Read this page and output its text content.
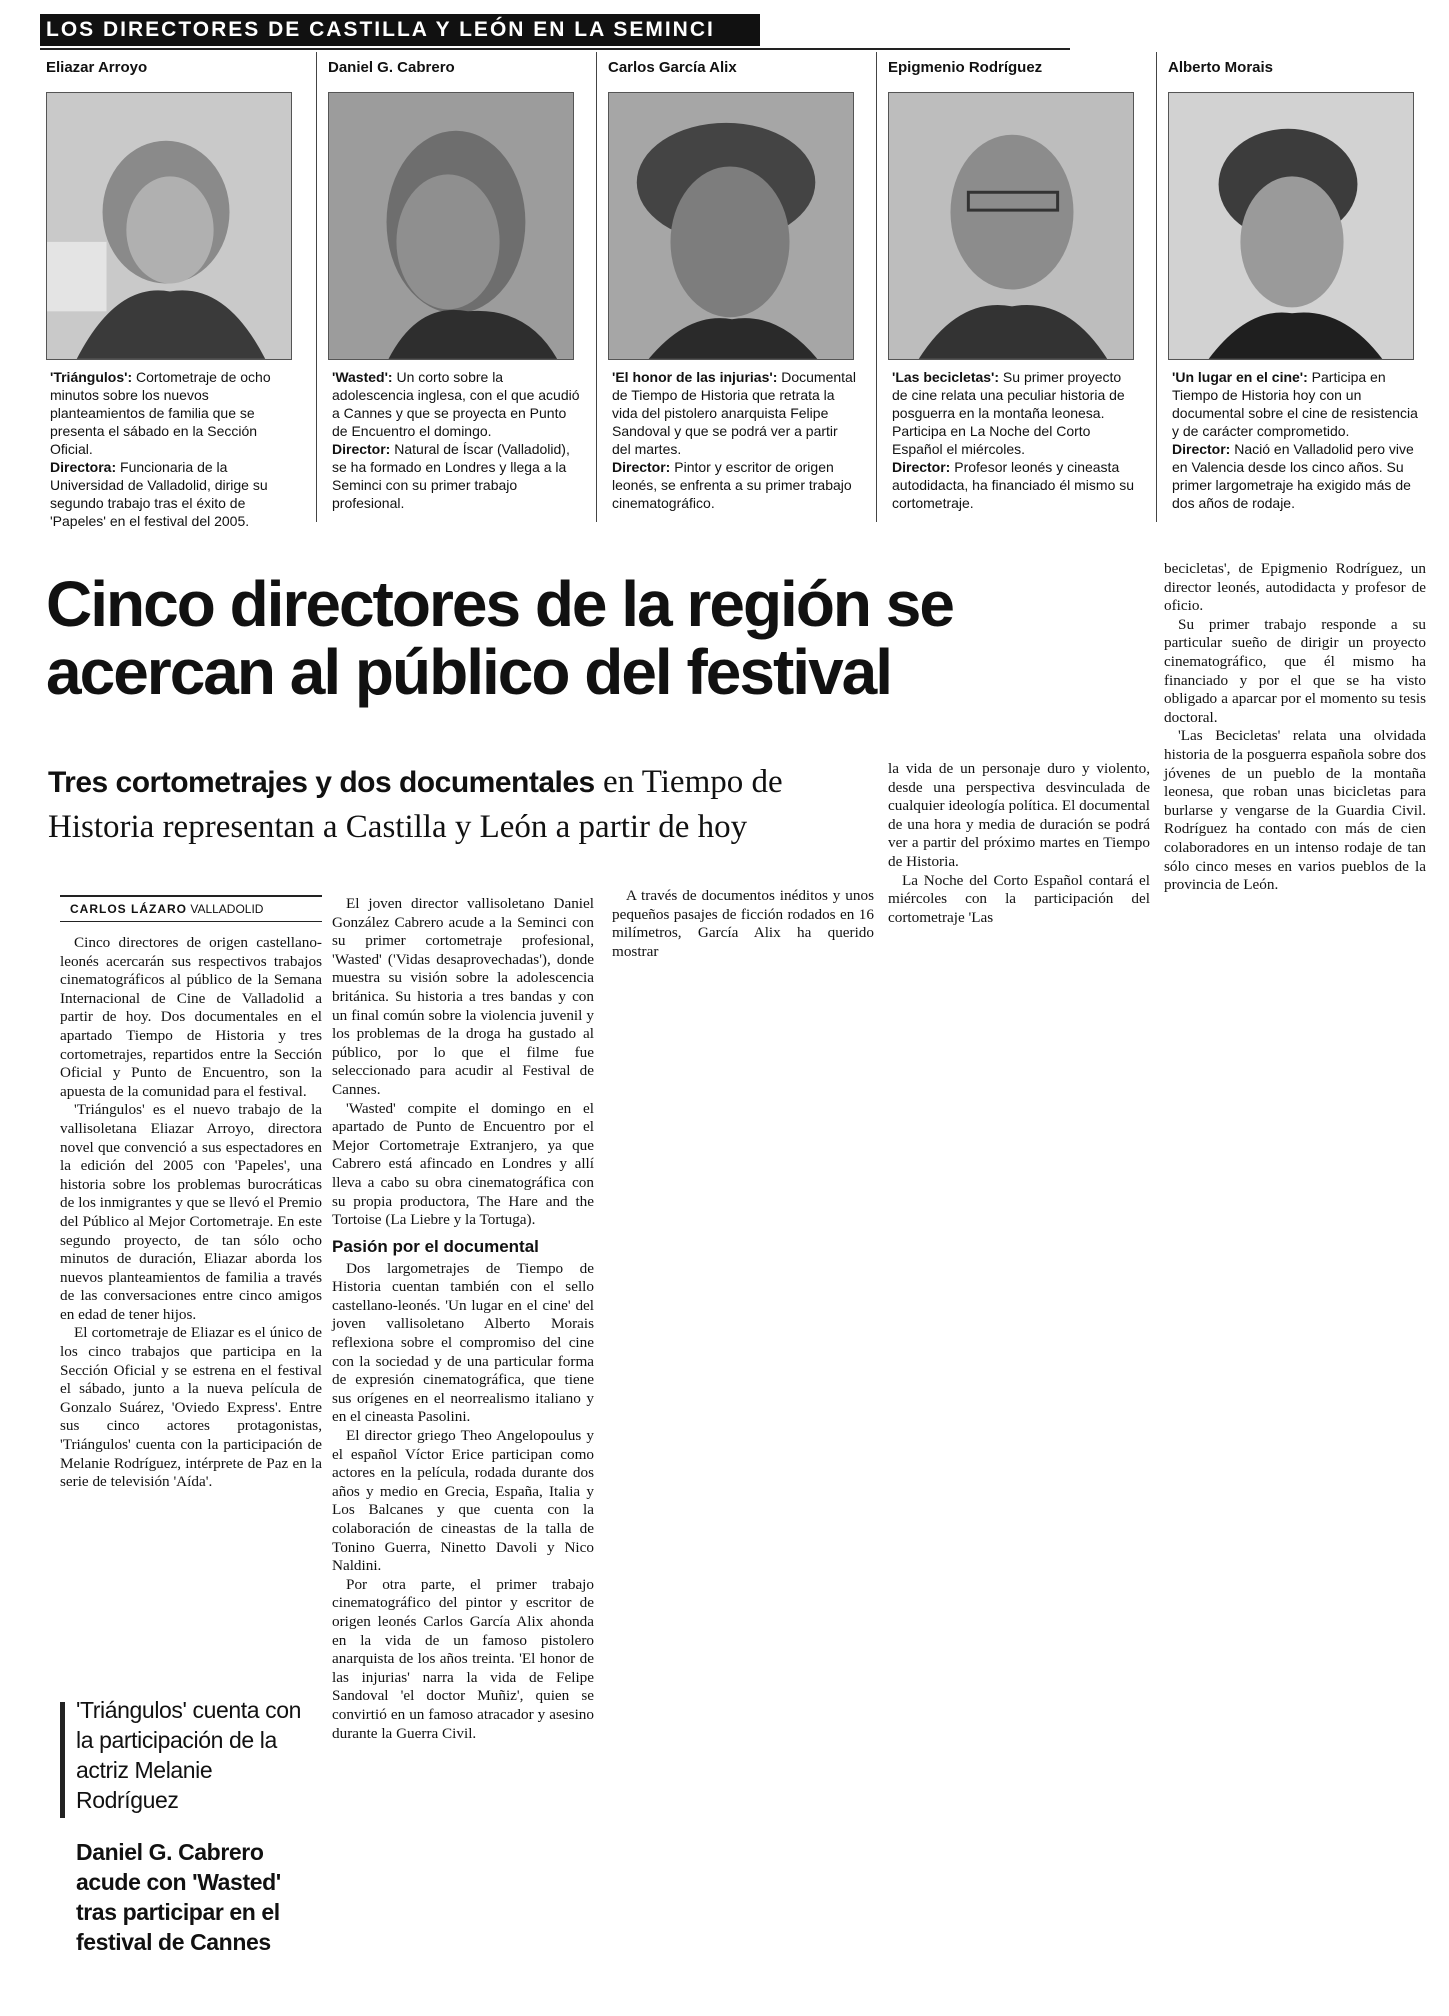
LOS DIRECTORES DE CASTILLA Y LEÓN EN LA SEMINCI
Eliazar Arroyo

'Triángulos': Cortometraje de ocho minutos sobre los nuevos planteamientos de familia que se presenta el sábado en la Sección Oficial.

Directora: Funcionaria de la Universidad de Valladolid, dirige su segundo trabajo tras el éxito de 'Papeles' en el festival del 2005.

Daniel G. Cabrero

'Wasted': Un corto sobre la adolescencia inglesa, con el que acudió a Cannes y que se proyecta en Punto de Encuentro el domingo.

Director: Natural de Íscar (Valladolid), se ha formado en Londres y llega a la Seminci con su primer trabajo profesional.

Carlos García Alix

'El honor de las injurias': Documental de Tiempo de Historia que retrata la vida del pistolero anarquista Felipe Sandoval y que se podrá ver a partir del martes.

Director: Pintor y escritor de origen leonés, se enfrenta a su primer trabajo cinematográfico.

Epigmenio Rodríguez

'Las becicletas': Su primer proyecto de cine relata una peculiar historia de posguerra en la montaña leonesa. Participa en La Noche del Corto Español el miércoles.

Director: Profesor leonés y cineasta autodidacta, ha financiado él mismo su cortometraje.

Alberto Morais

'Un lugar en el cine': Participa en Tiempo de Historia hoy con un documental sobre el cine de resistencia y de carácter comprometido.

Director: Nació en Valladolid pero vive en Valencia desde los cinco años. Su primer largometraje ha exigido más de dos años de rodaje.

Cinco directores de la región se acercan al público del festival
Tres cortometrajes y dos documentales en Tiempo de Historia representan a Castilla y León a partir de hoy
CARLOS LÁZARO VALLADOLID

Cinco directores de origen castellano-leonés acercarán sus respectivos trabajos cinematográficos al público de la Semana Internacional de Cine de Valladolid a partir de hoy. Dos documentales en el apartado Tiempo de Historia y tres cortometrajes, repartidos entre la Sección Oficial y Punto de Encuentro, son la apuesta de la comunidad para el festival.

'Triángulos' es el nuevo trabajo de la vallisoletana Eliazar Arroyo, directora novel que convenció a sus espectadores en la edición del 2005 con 'Papeles', una historia sobre los problemas burocráticas de los inmigrantes y que se llevó el Premio del Público al Mejor Cortometraje. En este segundo proyecto, de tan sólo ocho minutos de duración, Eliazar aborda los nuevos planteamientos de familia a través de las conversaciones entre cinco amigos en edad de tener hijos.

El cortometraje de Eliazar es el único de los cinco trabajos que participa en la Sección Oficial y se estrena en el festival el sábado, junto a la nueva película de Gonzalo Suárez, 'Oviedo Express'. Entre sus cinco actores protagonistas, 'Triángulos' cuenta con la participación de Melanie Rodríguez, intérprete de Paz en la serie de televisión 'Aída'.

El joven director vallisoletano Daniel González Cabrero acude a la Seminci con su primer cortometraje profesional, 'Wasted' ('Vidas desaprovechadas'), donde muestra su visión sobre la adolescencia británica. Su historia a tres bandas y con un final común sobre la violencia juvenil y los problemas de la droga ha gustado al público, por lo que el filme fue seleccionado para acudir al Festival de Cannes.

'Wasted' compite el domingo en el apartado de Punto de Encuentro por el Mejor Cortometraje Extranjero, ya que Cabrero está afincado en Londres y allí lleva a cabo su obra cinematográfica con su propia productora, The Hare and the Tortoise (La Liebre y la Tortuga).

Pasión por el documental

Dos largometrajes de Tiempo de Historia cuentan también con el sello castellano-leonés. 'Un lugar en el cine' del joven vallisoletano Alberto Morais reflexiona sobre el compromiso del cine con la sociedad y de una particular forma de expresión cinematográfica, que tiene sus orígenes en el neorrealismo italiano y en el cineasta Pasolini.

El director griego Theo Angelopoulus y el español Víctor Erice participan como actores en la película, rodada durante dos años y medio en Grecia, España, Italia y Los Balcanes y que cuenta con la colaboración de cineastas de la talla de Tonino Guerra, Ninetto Davoli y Nico Naldini.

Por otra parte, el primer trabajo cinematográfico del pintor y escritor de origen leonés Carlos García Alix ahonda en la vida de un famoso pistolero anarquista de los años treinta. 'El honor de las injurias' narra la vida de Felipe Sandoval 'el doctor Muñiz', quien se convirtió en un famoso atracador y asesino durante la Guerra Civil.

A través de documentos inéditos y unos pequeños pasajes de ficción rodados en 16 milímetros, García Alix ha querido mostrar

la vida de un personaje duro y violento, desde una perspectiva desvinculada de cualquier ideología política. El documental de una hora y media de duración se podrá ver a partir del próximo martes en Tiempo de Historia.

La Noche del Corto Español contará el miércoles con la participación del cortometraje 'Las

becicletas', de Epigmenio Rodríguez, un director leonés, autodidacta y profesor de oficio.

Su primer trabajo responde a su particular sueño de dirigir un proyecto cinematográfico, que él mismo ha financiado y por el que se ha visto obligado a aparcar por el momento su tesis doctoral.

'Las Becicletas' relata una olvidada historia de la posguerra española sobre dos jóvenes de un pueblo de la montaña leonesa, que roban unas bicicletas para burlarse y vengarse de la Guardia Civil. Rodríguez ha contado con más de cien colaboradores en un intenso rodaje de tan sólo cinco meses en varios pueblos de la provincia de León.

'Triángulos' cuenta con la participación de la actriz Melanie Rodríguez
Daniel G. Cabrero acude con 'Wasted' tras participar en el festival de Cannes
